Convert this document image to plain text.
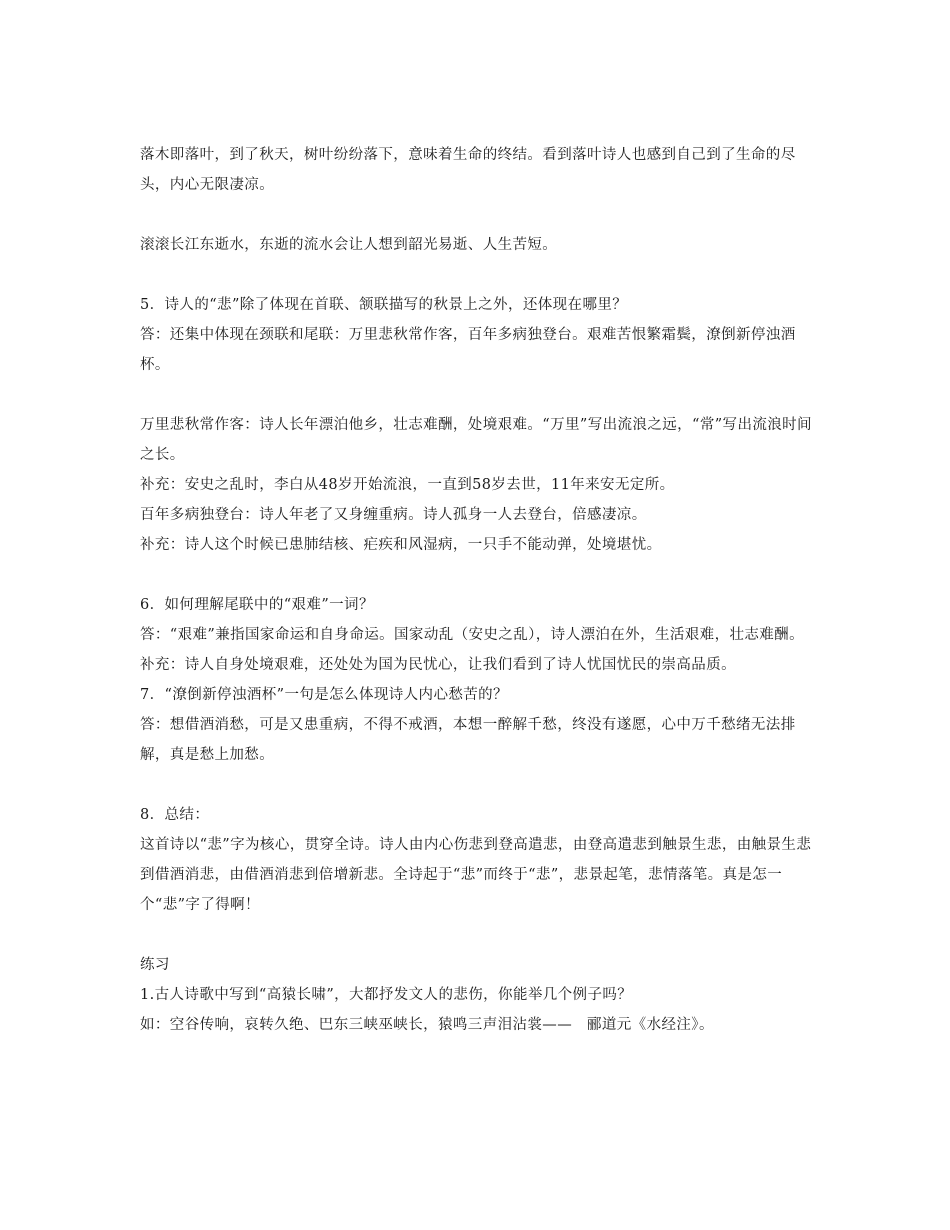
落木即落叶，到了秋天，树叶纷纷落下，意味着生命的终结。看到落叶诗人也感到自己到了生命的尽头，内心无限凄凉。

滚滚长江东逝水，东逝的流水会让人想到韶光易逝、人生苦短。

5．诗人的“悲”除了体现在首联、颔联描写的秋景上之外，还体现在哪里？

答：还集中体现在颈联和尾联：万里悲秋常作客，百年多病独登台。艰难苦恨繁霜鬓，潦倒新停浊酒杯。

万里悲秋常作客：诗人长年漂泊他乡，壮志难酬，处境艰难。“万里”写出流浪之远，“常”写出流浪时间之长。

补充：安史之乱时，李白从48岁开始流浪，一直到58岁去世，11年来安无定所。

百年多病独登台：诗人年老了又身缠重病。诗人孤身一人去登台，倍感凄凉。

补充：诗人这个时候已患肺结核、疟疾和风湿病，一只手不能动弹，处境堪忧。

6．如何理解尾联中的“艰难”一词？

答：“艰难”兼指国家命运和自身命运。国家动乱（安史之乱），诗人漂泊在外，生活艰难，壮志难酬。

补充：诗人自身处境艰难，还处处为国为民忧心，让我们看到了诗人忧国忧民的崇高品质。

7．“潦倒新停浊酒杯”一句是怎么体现诗人内心愁苦的？

答：想借酒消愁，可是又患重病，不得不戒酒，本想一醉解千愁，终没有遂愿，心中万千愁绪无法排解，真是愁上加愁。

8．总结：

这首诗以“悲”字为核心，贯穿全诗。诗人由内心伤悲到登高遣悲，由登高遣悲到触景生悲，由触景生悲到借酒消悲，由借酒消悲到倍增新悲。全诗起于“悲”而终于“悲”，悲景起笔，悲情落笔。真是怎一个“悲”字了得啊！

练习

1.古人诗歌中写到“高猿长啸”，大都抒发文人的悲伤，你能举几个例子吗？

如：空谷传响，哀转久绝、巴东三峡巫峡长，猿鸣三声泪沾裳——　郦道元《水经注》。
